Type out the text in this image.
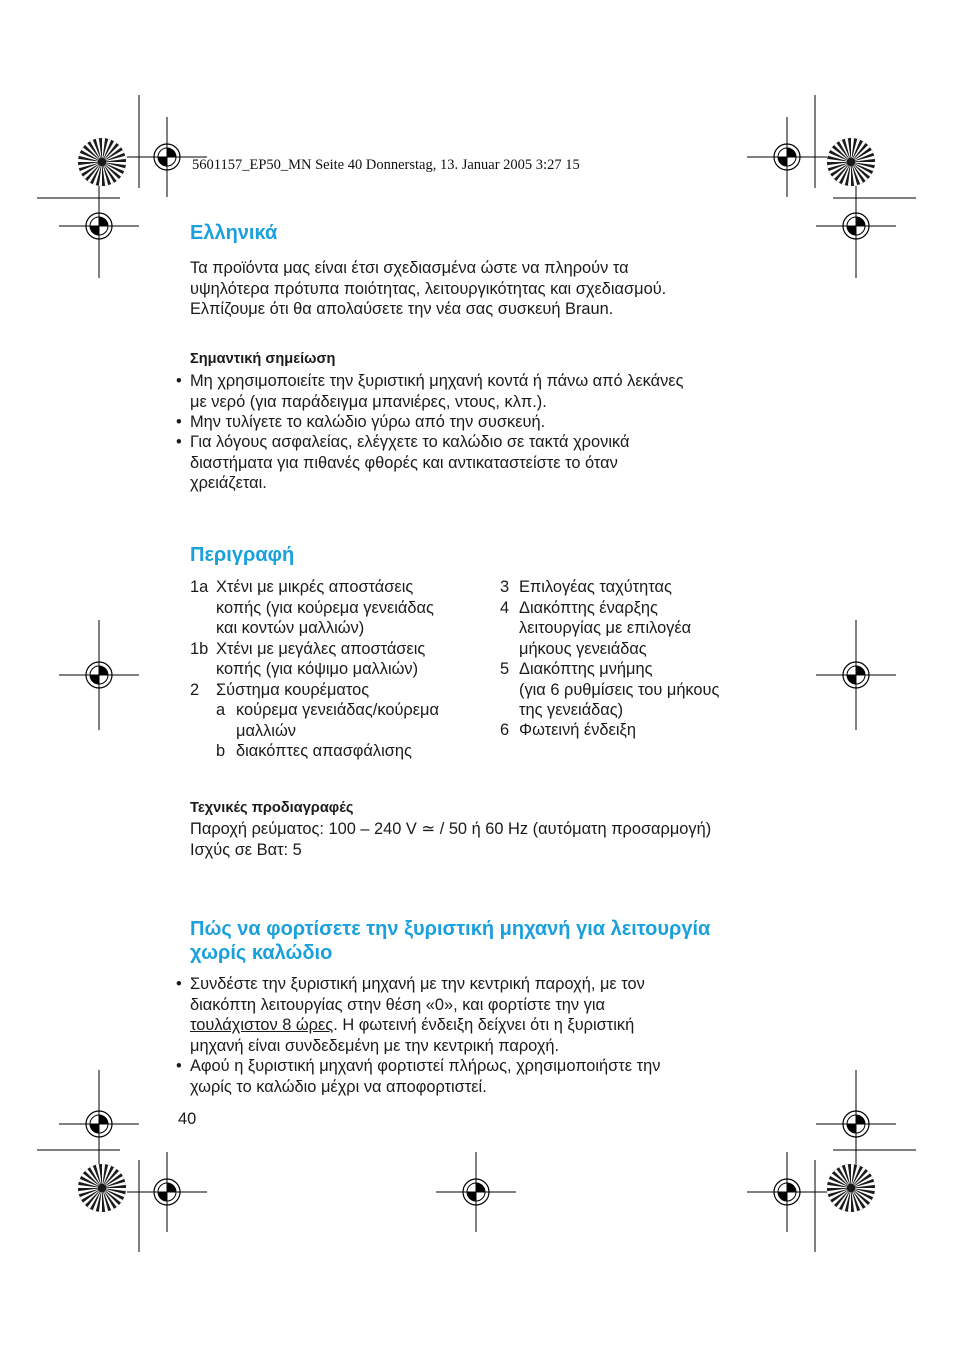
5601157_EP50_MN Seite 40 Donnerstag, 13. Januar 2005 3:27 15
Ελληνικά
Τα προϊόντα μας είναι έτσι σχεδιασμένα ώστε να πληρούν τα
υψηλότερα πρότυπα ποιότητας, λειτουργικότητας και σχεδιασμού.
Ελπίζουμε ότι θα απολαύσετε την νέα σας συσκευή Braun.
Σημαντική σημείωση
• Μη χρησιμοποιείτε την ξυριστική μηχανή κοντά ή πάνω από λεκάνες
με νερό (για παράδειγμα μπανιέρες, ντους, κλπ.).
• Μην τυλίγετε το καλώδιο γύρω από την συσκευή.
• Για λόγους ασφαλείας, ελέγχετε το καλώδιο σε τακτά χρονικά
διαστήματα για πιθανές φθορές και αντικαταστείστε το όταν
χρειάζεται.
Περιγραφή
1a Χτένι με μικρές αποστάσεις
κοπής (για κούρεμα γενειάδας
και κοντών μαλλιών)
1b Χτένι με μεγάλες αποστάσεις
κοπής (για κόψιμο μαλλιών)
2 Σύστημα κουρέματος
a κούρεμα γενειάδας/κούρεμα
μαλλιών
b διακόπτες απασφάλισης
3 Επιλογέας ταχύτητας
4 Διακόπτης έναρξης
λειτουργίας με επιλογέα
μήκους γενειάδας
5 Διακόπτης μνήμης
(για 6 ρυθμίσεις του μήκους
της γενειάδας)
6 Φωτεινή ένδειξη
Τεχνικές προδιαγραφές
Παροχή ρεύματος: 100 – 240 V ≃ / 50 ή 60 Hz (αυτόματη προσαρμογή)
Ισχύς σε Βατ: 5
Πώς να φορτίσετε την ξυριστική μηχανή για λειτουργία
χωρίς καλώδιο
• Συνδέστε την ξυριστική μηχανή με την κεντρική παροχή, με τον
διακόπτη λειτουργίας στην θέση «0», και φορτίστε την για
τουλάχιστον 8 ώρες. Η φωτεινή ένδειξη δείχνει ότι η ξυριστική
μηχανή είναι συνδεδεμένη με την κεντρική παροχή.
• Αφού η ξυριστική μηχανή φορτιστεί πλήρως, χρησιμοποιήστε την
χωρίς το καλώδιο μέχρι να αποφορτιστεί.
40
